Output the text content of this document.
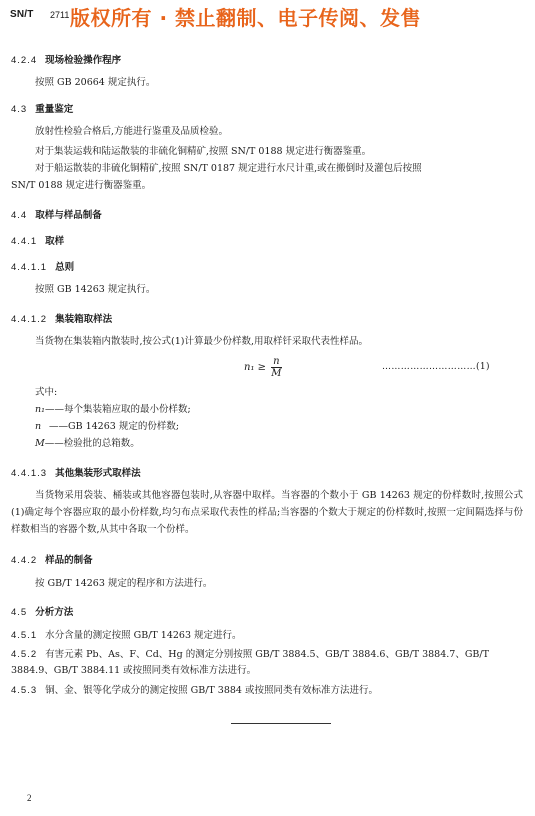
SN/T 2711 版权所有 · 禁止翻制、电子传阅、发售
4.2.4 现场检验操作程序
按照 GB 20664 规定执行。
4.3 重量鉴定
放射性检验合格后,方能进行鉴重及品质检验。
对于集装运载和陆运散装的非硫化铜精矿,按照 SN/T 0188 规定进行衡器鉴重。
对于船运散装的非硫化铜精矿,按照 SN/T 0187 规定进行水尺计重,或在搬倒时及灌包后按照
SN/T 0188 规定进行衡器鉴重。
4.4 取样与样品制备
4.4.1 取样
4.4.1.1 总则
按照 GB 14263 规定执行。
4.4.1.2 集装箱取样法
当货物在集装箱内散装时,按公式(1)计算最少份样数,用取样钎采取代表性样品。
$n_1 \ge \frac{n}{M}$	…………………………(1)
式中:
n₁——每个集装箱应取的最小份样数;
n ——GB 14263 规定的份样数;
M——检验批的总箱数。
4.4.1.3 其他集装形式取样法
当货物采用袋装、桶装或其他容器包装时,从容器中取样。当容器的个数小于 GB 14263 规定的份样数时,按照公式(1)确定每个容器应取的最小份样数,均匀布点采取代表性的样品;当容器的个数大于规定的份样数时,按照一定间隔选择与份样数相当的容器个数,从其中各取一个份样。
4.4.2 样品的制备
按 GB/T 14263 规定的程序和方法进行。
4.5 分析方法
4.5.1 水分含量的测定按照 GB/T 14263 规定进行。
4.5.2 有害元素 Pb、As、F、Cd、Hg 的测定分别按照 GB/T 3884.5、GB/T 3884.6、GB/T 3884.7、GB/T 3884.9、GB/T 3884.11 或按照同类有效标准方法进行。
4.5.3 铜、金、银等化学成分的测定按照 GB/T 3884 或按照同类有效标准方法进行。
2
